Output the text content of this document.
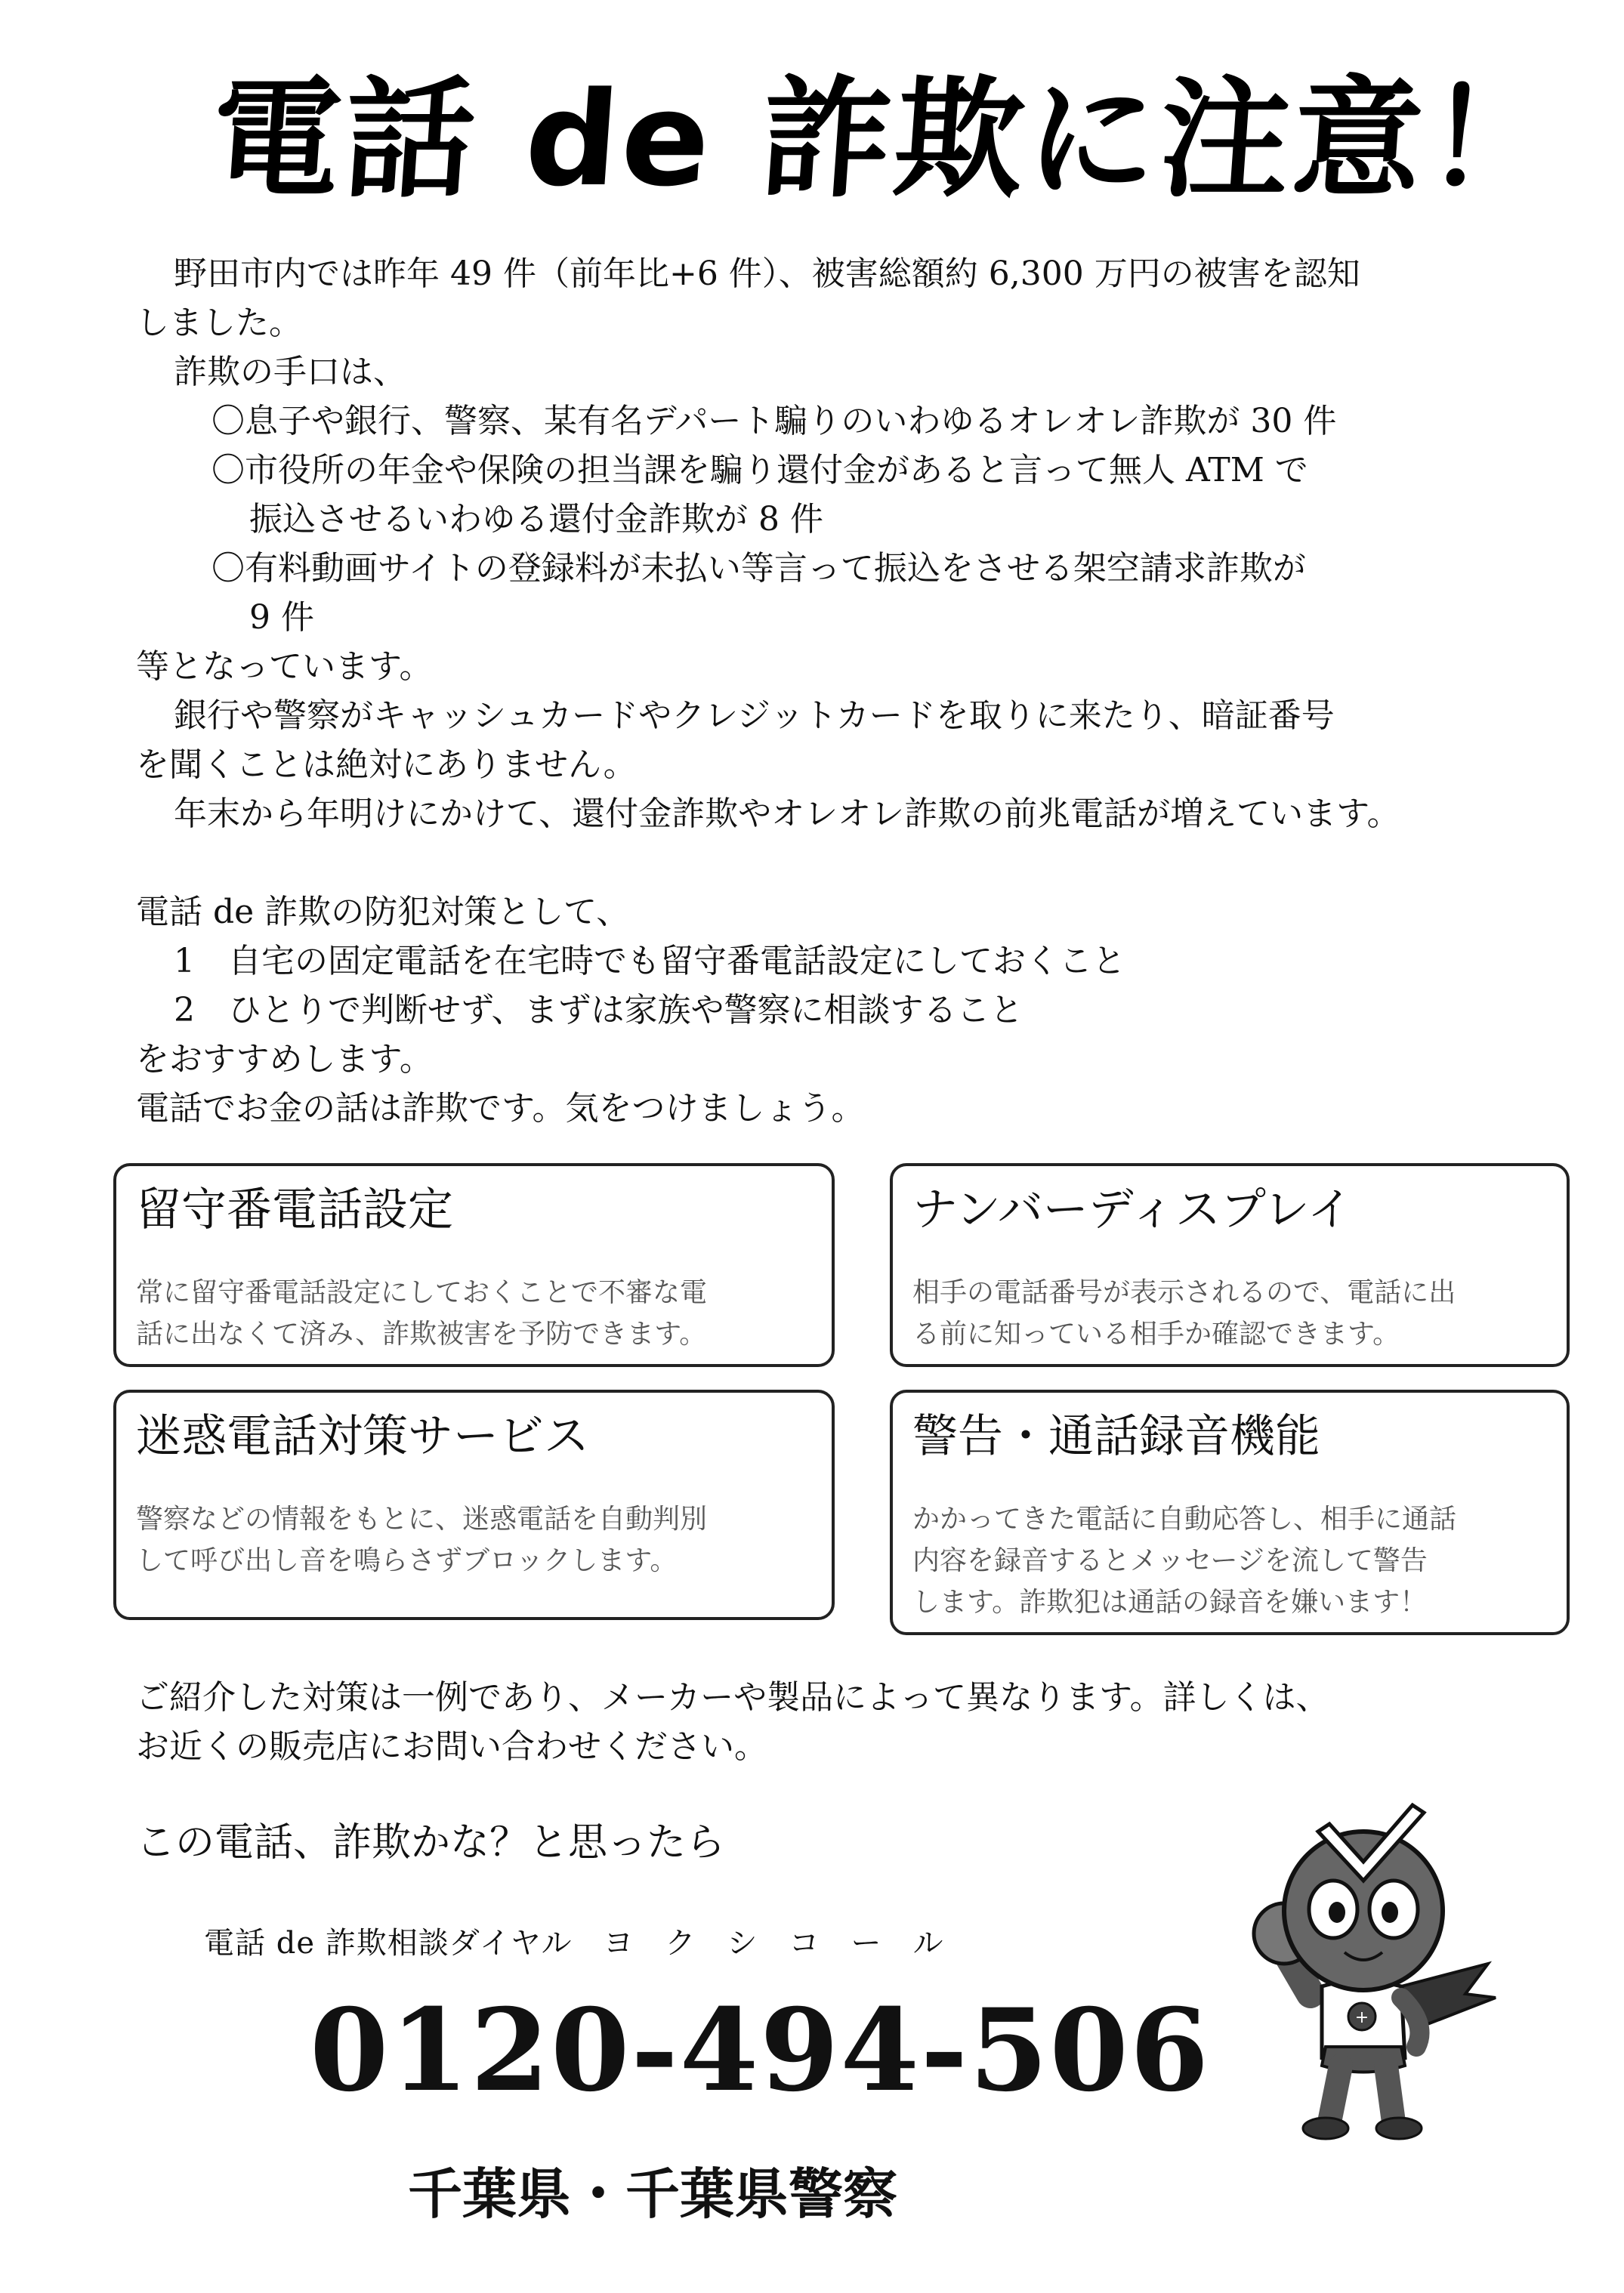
電話 de 詐欺に注意！

野田市内では昨年 49 件（前年比+6 件）、被害総額約 6,300 万円の被害を認知

しました。

詐欺の手口は、

〇息子や銀行、警察、某有名デパート騙りのいわゆるオレオレ詐欺が 30 件

〇市役所の年金や保険の担当課を騙り還付金があると言って無人 ATM で

振込させるいわゆる還付金詐欺が 8 件

〇有料動画サイトの登録料が未払い等言って振込をさせる架空請求詐欺が

9 件

等となっています。

銀行や警察がキャッシュカードやクレジットカードを取りに来たり、暗証番号

を聞くことは絶対にありません。

年末から年明けにかけて、還付金詐欺やオレオレ詐欺の前兆電話が増えています。

電話 de 詐欺の防犯対策として、

1　自宅の固定電話を在宅時でも留守番電話設定にしておくこと

2　ひとりで判断せず、まずは家族や警察に相談すること

をおすすめします。

電話でお金の話は詐欺です。気をつけましょう。

留守番電話設定
常に留守番電話設定にしておくことで不審な電
話に出なくて済み、詐欺被害を予防できます。
ナンバーディスプレイ
相手の電話番号が表示されるので、電話に出
る前に知っている相手か確認できます。
迷惑電話対策サービス
警察などの情報をもとに、迷惑電話を自動判別
して呼び出し音を鳴らさずブロックします。
警告・通話録音機能
かかってきた電話に自動応答し、相手に通話
内容を録音するとメッセージを流して警告
します。詐欺犯は通話の録音を嫌います！
ご紹介した対策は一例であり、メーカーや製品によって異なります。詳しくは、
お近くの販売店にお問い合わせください。
この電話、詐欺かな？と思ったら
電話 de 詐欺相談ダイヤル　ヨ　ク　シ　コ　ー　ル
0120-494-506
千葉県・千葉県警察
+
